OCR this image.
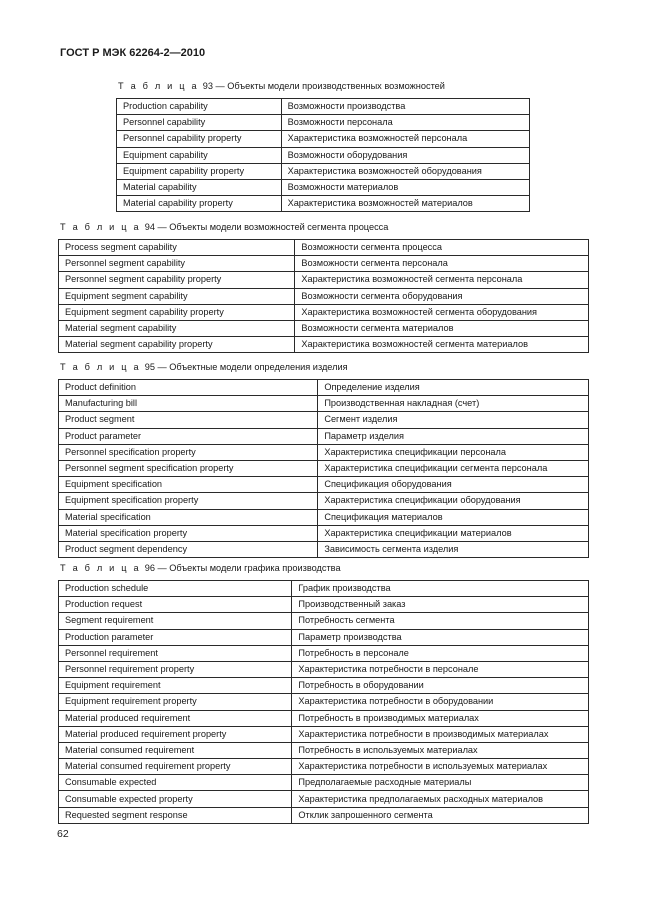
ГОСТ Р МЭК 62264-2—2010
Т а б л и ц а 93 — Объекты модели производственных возможностей
Production capability	Возможности производства
Personnel capability	Возможности персонала
Personnel capability property	Характеристика возможностей персонала
Equipment capability	Возможности оборудования
Equipment capability property	Характеристика возможностей оборудования
Material capability	Возможности материалов
Material capability property	Характеристика возможностей материалов
Т а б л и ц а 94 — Объекты модели возможностей сегмента процесса
Process segment capability	Возможности сегмента процесса
Personnel segment capability	Возможности сегмента персонала
Personnel segment capability property	Характеристика возможностей сегмента персонала
Equipment segment capability	Возможности сегмента оборудования
Equipment segment capability property	Характеристика возможностей сегмента оборудования
Material segment capability	Возможности сегмента материалов
Material segment capability property	Характеристика возможностей сегмента материалов
Т а б л и ц а 95 — Объектные модели определения изделия
Product definition	Определение изделия
Manufacturing bill	Производственная накладная (счет)
Product segment	Сегмент изделия
Product parameter	Параметр изделия
Personnel specification property	Характеристика спецификации персонала
Personnel segment specification property	Характеристика спецификации сегмента персонала
Equipment specification	Спецификация оборудования
Equipment specification property	Характеристика спецификации оборудования
Material specification	Спецификация материалов
Material specification property	Характеристика спецификации материалов
Product segment dependency	Зависимость сегмента изделия
Т а б л и ц а 96 — Объекты модели графика производства
Production schedule	График производства
Production request	Производственный заказ
Segment requirement	Потребность сегмента
Production parameter	Параметр производства
Personnel requirement	Потребность в персонале
Personnel requirement property	Характеристика потребности в персонале
Equipment requirement	Потребность в оборудовании
Equipment requirement property	Характеристика потребности в оборудовании
Material produced requirement	Потребность в производимых материалах
Material produced requirement property	Характеристика потребности в производимых материалах
Material consumed requirement	Потребность в используемых материалах
Material consumed requirement property	Характеристика потребности в используемых материалах
Consumable expected	Предполагаемые расходные материалы
Consumable expected property	Характеристика предполагаемых расходных материалов
Requested segment response	Отклик запрошенного сегмента
62
